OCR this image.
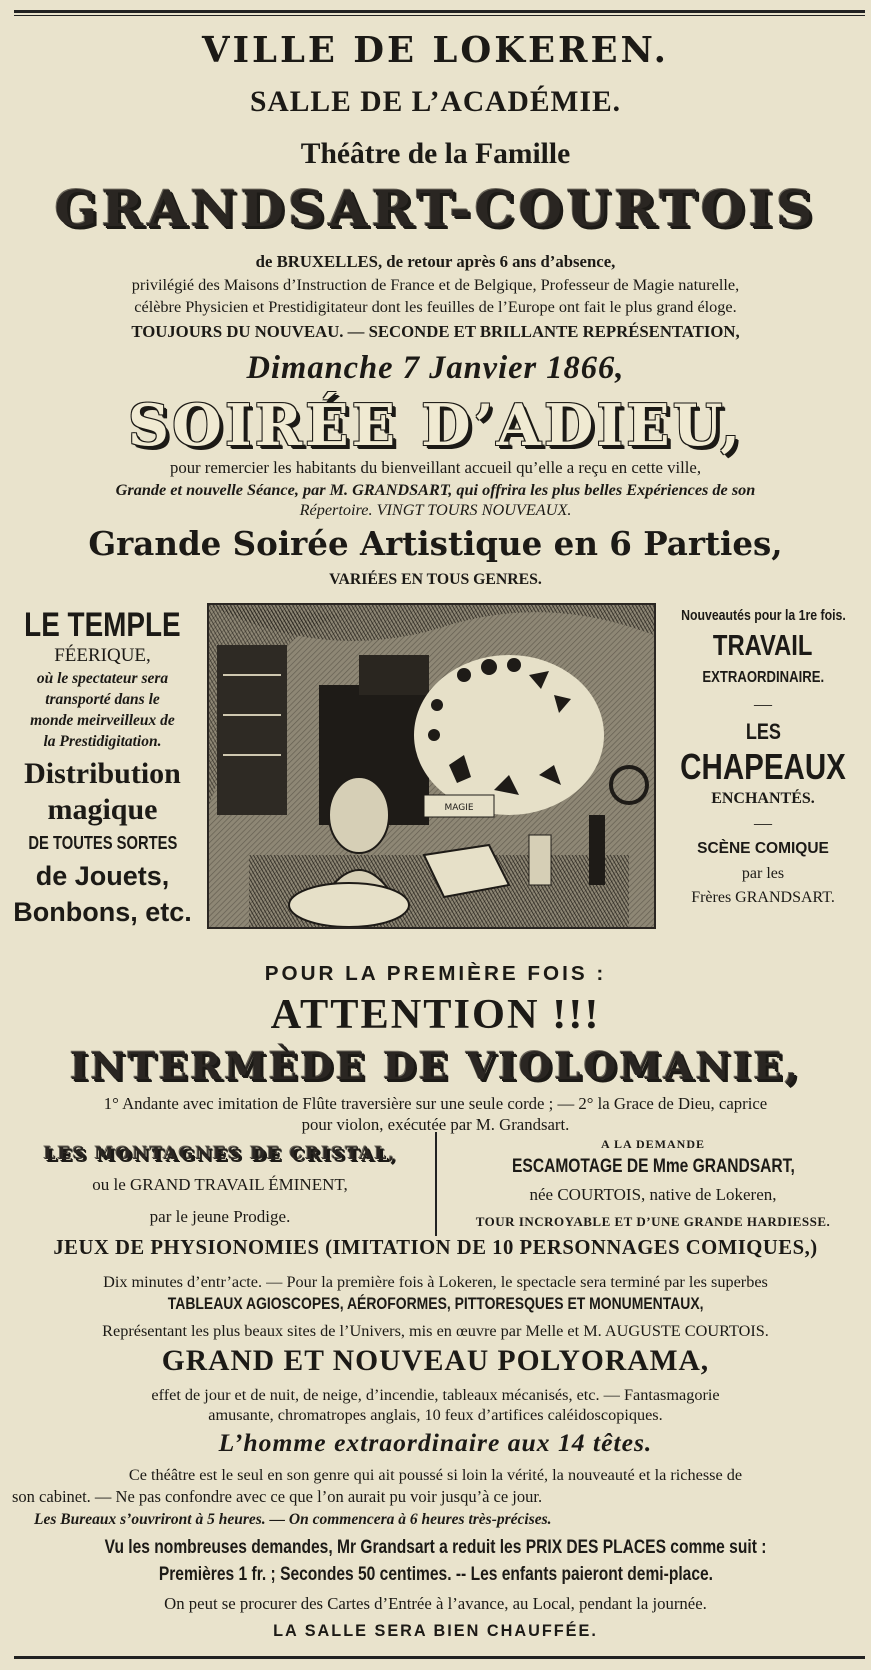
VILLE DE LOKEREN.
SALLE DE L’ACADÉMIE.
Théâtre de la Famille
GRANDSART-COURTOIS
de BRUXELLES, de retour après 6 ans d’absence,
privilégié des Maisons d’Instruction de France et de Belgique, Professeur de Magie naturelle,
célèbre Physicien et Prestidigitateur dont les feuilles de l’Europe ont fait le plus grand éloge.
TOUJOURS DU NOUVEAU. — SECONDE ET BRILLANTE REPRÉSENTATION,
Dimanche 7 Janvier 1866,
SOIRÉE D’ADIEU,
pour remercier les habitants du bienveillant accueil qu’elle a reçu en cette ville,
Grande et nouvelle Séance, par M. GRANDSART, qui offrira les plus belles Expériences de son
Répertoire. VINGT TOURS NOUVEAUX.
Grande Soirée Artistique en 6 Parties,
VARIÉES EN TOUS GENRES.
LE TEMPLE

FÉERIQUE,
où le spectateur sera
transporté dans le
monde meirveilleux de
la Prestidigitation.
Distribution
magique
DE TOUTES SORTES

de Jouets,
Bonbons, etc.
MAGIE
Nouveautés pour la 1re fois.
TRAVAIL
EXTRAORDINAIRE.
—
LES
CHAPEAUX

ENCHANTÉS.
—
SCÈNE COMIQUE
par les
Frères GRANDSART.
POUR LA PREMIÈRE FOIS :
ATTENTION !!!
INTERMÈDE DE VIOLOMANIE,
1° Andante avec imitation de Flûte traversière sur une seule corde ; — 2° la Grace de Dieu, caprice
pour violon, exécutée par M. Grandsart.
LES MONTAGNES DE CRISTAL,
ou le GRAND TRAVAIL ÉMINENT,
par le jeune Prodige.
A LA DEMANDE
ESCAMOTAGE DE Mme GRANDSART,

née COURTOIS, native de Lokeren,
TOUR INCROYABLE ET D’UNE GRANDE HARDIESSE.
JEUX DE PHYSIONOMIES (IMITATION DE 10 PERSONNAGES COMIQUES,)
Dix minutes d’entr’acte. — Pour la première fois à Lokeren, le spectacle sera terminé par les superbes
TABLEAUX AGIOSCOPES, AÉROFORMES, PITTORESQUES ET MONUMENTAUX,
Représentant les plus beaux sites de l’Univers, mis en œuvre par Melle et M. AUGUSTE COURTOIS.
GRAND ET NOUVEAU POLYORAMA,
effet de jour et de nuit, de neige, d’incendie, tableaux mécanisés, etc. — Fantasmagorie
amusante, chromatropes anglais, 10 feux d’artifices caléidoscopiques.
L’homme extraordinaire aux 14 têtes.
Ce théâtre est le seul en son genre qui ait poussé si loin la vérité, la nouveauté et la richesse de
son cabinet. — Ne pas confondre avec ce que l’on aurait pu voir jusqu’à ce jour.
Les Bureaux s’ouvriront à 5 heures. — On commencera à 6 heures très-précises.
Vu les nombreuses demandes, Mr Grandsart a reduit les PRIX DES PLACES comme suit :
Premières 1 fr. ; Secondes 50 centimes. -- Les enfants paieront demi-place.
On peut se procurer des Cartes d’Entrée à l’avance, au Local, pendant la journée.
LA SALLE SERA BIEN CHAUFFÉE.
